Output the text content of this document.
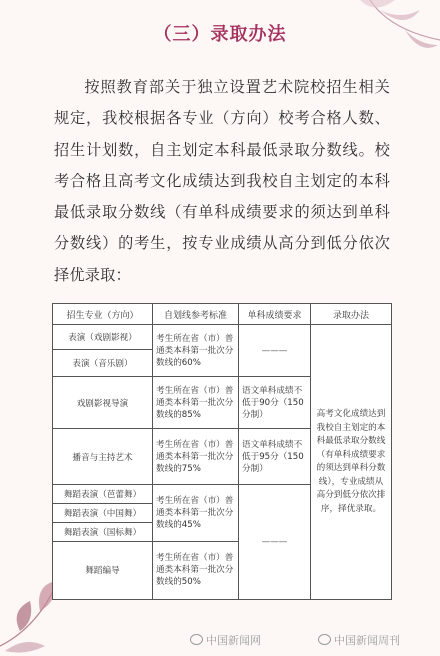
（三）录取办法
按照教育部关于独立设置艺术院校招生相关规定，我校根据各专业（方向）校考合格人数、招生计划数，自主划定本科最低录取分数线。校考合格且高考文化成绩达到我校自主划定的本科最低录取分数线（有单科成绩要求的须达到单科分数线）的考生，按专业成绩从高分到低分依次择优录取：
招生专业（方向）	自划线参考标准	单科成绩要求	录取办法
表演（戏剧影视）	考生所在省（市）普通类本科第一批次分数线的60%	———	高考文化成绩达到我校自主划定的本科最低录取分数线（有单科成绩要求的须达到单科分数线），专业成绩从高分到低分依次排序，择优录取。
表演（音乐剧）			
戏剧影视导演	考生所在省（市）普通类本科第一批次分数线的85%	语文单科成绩不低于90分（150分制）	
播音与主持艺术	考生所在省（市）普通类本科第一批次分数线的75%	语文单科成绩不低于95分（150分制）	
舞蹈表演（芭蕾舞）	考生所在省（市）普通类本科第一批次分数线的45%	———	
舞蹈表演（中国舞）			
舞蹈表演（国标舞）			
舞蹈编导	考生所在省（市）普通类本科第一批次分数线的50%		
中国新闻网	中国新闻周刊
